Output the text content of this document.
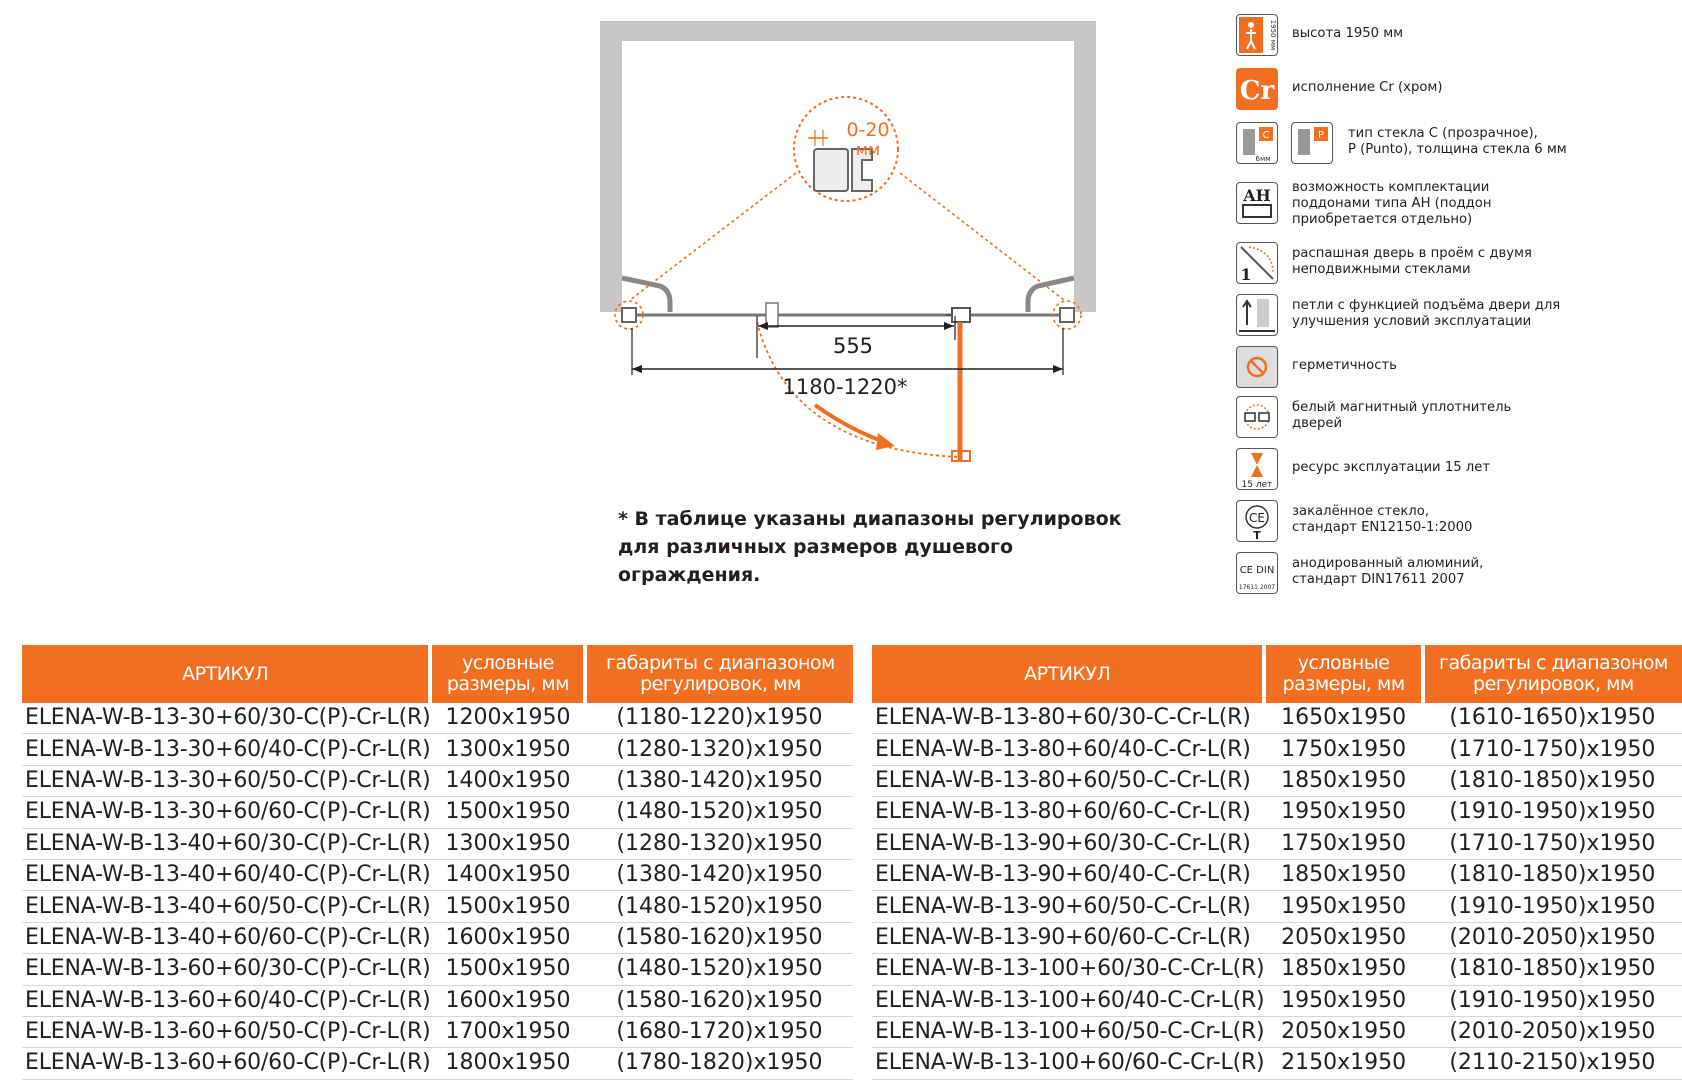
0-20
мм
555
1180-1220*
* В таблице указаны диапазоны регулировок
для различных размеров душевого
ограждения.
1950 мм высота 1950 мм
Cr исполнение Cr (хром)
C
6мм
P тип стекла C (прозрачное),
P (Punto), толщина стекла 6 мм
AH возможность комплектации
поддонами типа AH (поддон
приобретается отдельно)
1
распашная дверь в проём с двумя
неподвижными стеклами
петли с функцией подъёма двери для
улучшения условий эксплуатации
герметичность
белый магнитный уплотнитель
дверей
15 лет
ресурс эксплуатации 15 лет
CE
T
закалённое стекло,
стандарт EN12150-1:2000
CE DIN
17611 2007
анодированный алюминий,
стандарт DIN17611 2007
АРТИКУЛ	условные
размеры, мм	габариты с диапазоном
регулировок, мм
ELENA-W-B-13-30+60/30-C(P)-Cr-L(R)	1200x1950	(1180-1220)x1950
ELENA-W-B-13-30+60/40-C(P)-Cr-L(R)	1300x1950	(1280-1320)x1950
ELENA-W-B-13-30+60/50-C(P)-Cr-L(R)	1400x1950	(1380-1420)x1950
ELENA-W-B-13-30+60/60-C(P)-Cr-L(R)	1500x1950	(1480-1520)x1950
ELENA-W-B-13-40+60/30-C(P)-Cr-L(R)	1300x1950	(1280-1320)x1950
ELENA-W-B-13-40+60/40-C(P)-Cr-L(R)	1400x1950	(1380-1420)x1950
ELENA-W-B-13-40+60/50-C(P)-Cr-L(R)	1500x1950	(1480-1520)x1950
ELENA-W-B-13-40+60/60-C(P)-Cr-L(R)	1600x1950	(1580-1620)x1950
ELENA-W-B-13-60+60/30-C(P)-Cr-L(R)	1500x1950	(1480-1520)x1950
ELENA-W-B-13-60+60/40-C(P)-Cr-L(R)	1600x1950	(1580-1620)x1950
ELENA-W-B-13-60+60/50-C(P)-Cr-L(R)	1700x1950	(1680-1720)x1950
ELENA-W-B-13-60+60/60-C(P)-Cr-L(R)	1800x1950	(1780-1820)x1950
АРТИКУЛ	условные
размеры, мм	габариты с диапазоном
регулировок, мм
ELENA-W-B-13-80+60/30-C-Cr-L(R)	1650x1950	(1610-1650)x1950
ELENA-W-B-13-80+60/40-C-Cr-L(R)	1750x1950	(1710-1750)x1950
ELENA-W-B-13-80+60/50-C-Cr-L(R)	1850x1950	(1810-1850)x1950
ELENA-W-B-13-80+60/60-C-Cr-L(R)	1950x1950	(1910-1950)x1950
ELENA-W-B-13-90+60/30-C-Cr-L(R)	1750x1950	(1710-1750)x1950
ELENA-W-B-13-90+60/40-C-Cr-L(R)	1850x1950	(1810-1850)x1950
ELENA-W-B-13-90+60/50-C-Cr-L(R)	1950x1950	(1910-1950)x1950
ELENA-W-B-13-90+60/60-C-Cr-L(R)	2050x1950	(2010-2050)x1950
ELENA-W-B-13-100+60/30-C-Cr-L(R)	1850x1950	(1810-1850)x1950
ELENA-W-B-13-100+60/40-C-Cr-L(R)	1950x1950	(1910-1950)x1950
ELENA-W-B-13-100+60/50-C-Cr-L(R)	2050x1950	(2010-2050)x1950
ELENA-W-B-13-100+60/60-C-Cr-L(R)	2150x1950	(2110-2150)x1950
